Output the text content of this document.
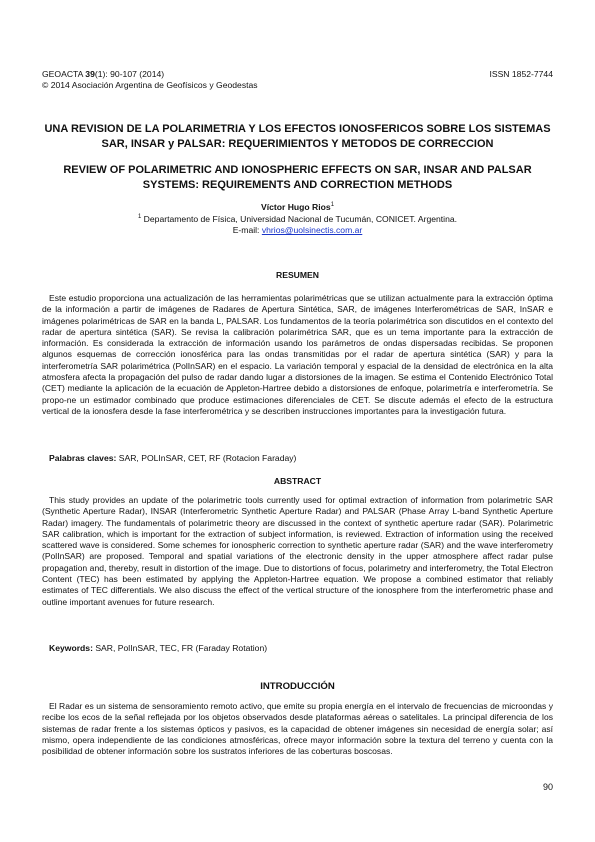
GEOACTA 39(1): 90-107 (2014)
© 2014 Asociación Argentina de Geofísicos y Geodestas
ISSN 1852-7744
UNA REVISION DE LA POLARIMETRIA Y LOS EFECTOS IONOSFERICOS SOBRE LOS SISTEMAS SAR, INSAR y PALSAR: REQUERIMIENTOS Y METODOS DE CORRECCION
REVIEW OF POLARIMETRIC AND IONOSPHERIC EFFECTS ON SAR, INSAR AND PALSAR SYSTEMS: REQUIREMENTS AND CORRECTION METHODS
Víctor Hugo Rios$^1$
$^1$ Departamento de Física, Universidad Nacional de Tucumán, CONICET. Argentina.
E-mail: vhrios@uolsinectis.com.ar
RESUMEN
Este estudio proporciona una actualización de las herramientas polarimétricas que se utilizan actualmente para la extracción óptima de la información a partir de imágenes de Radares de Apertura Sintética, SAR, de imágenes Interferométricas de SAR, InSAR e imágenes polarimétricas de SAR en la banda L, PALSAR. Los fundamentos de la teoría polarimétrica son discutidos en el contexto del radar de apertura sintética (SAR). Se revisa la calibración polarimétrica SAR, que es un tema importante para la extracción de información. Es considerada la extracción de información usando los parámetros de ondas dispersadas recibidas. Se proponen algunos esquemas de corrección ionosférica para las ondas transmitidas por el radar de apertura sintética (SAR) y para la interferometría SAR polarimétrica (PolInSAR) en el espacio. La variación temporal y espacial de la densidad de electrónica en la alta atmosfera afecta la propagación del pulso de radar dando lugar a distorsiones de la imagen. Se estima el Contenido Electrónico Total (CET) mediante la aplicación de la ecuación de Appleton-Hartree debido a distorsiones de enfoque, polarimetría e interferometría. Se propo-ne un estimador combinado que produce estimaciones diferenciales de CET. Se discute además el efecto de la estructura vertical de la ionosfera desde la fase interferométrica y se describen instrucciones importantes para la investigación futura.
Palabras claves: SAR, POLInSAR, CET, RF (Rotacion Faraday)
ABSTRACT
This study provides an update of the polarimetric tools currently used for optimal extraction of information from polarimetric SAR (Synthetic Aperture Radar), INSAR (Interferometric Synthetic Aperture Radar) and PALSAR (Phase Array L-band Synthetic Aperture Radar) imagery. The fundamentals of polarimetric theory are discussed in the context of synthetic aperture radar (SAR). Polarimetric SAR calibration, which is important for the extraction of subject information, is reviewed. Extraction of information using the received scattered wave is considered. Some schemes for ionospheric correction to synthetic aperture radar (SAR) and the wave interferometry (PolInSAR) are proposed. Temporal and spatial variations of the electronic density in the upper atmosphere affect radar pulse propagation and, thereby, result in distortion of the image. Due to distortions of focus, polarimetry and interferometry, the Total Electron Content (TEC) has been estimated by applying the Appleton-Hartree equation. We propose a combined estimator that reliably estimates of TEC differentials. We also discuss the effect of the vertical structure of the ionosphere from the interferometric phase and outline important avenues for future research.
Keywords: SAR, PolInSAR, TEC, FR (Faraday Rotation)
INTRODUCCIÓN
El Radar es un sistema de sensoramiento remoto activo, que emite su propia energía en el intervalo de frecuencias de microondas y recibe los ecos de la señal reflejada por los objetos observados desde plataformas aéreas o satelitales. La principal diferencia de los sistemas de radar frente a los sistemas ópticos y pasivos, es la capacidad de obtener imágenes sin necesidad de energía solar; así mismo, opera independiente de las condiciones atmosféricas, ofrece mayor información sobre la textura del terreno y cuenta con la posibilidad de obtener información sobre los sustratos inferiores de las coberturas boscosas.
90
